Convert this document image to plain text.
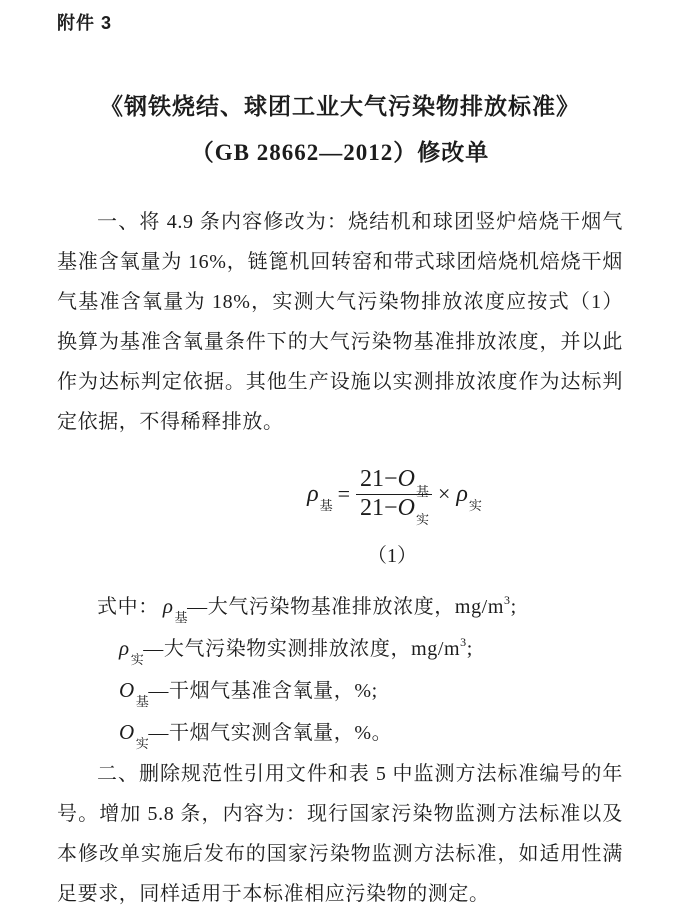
附件 3
《钢铁烧结、球团工业大气污染物排放标准》
（GB 28662—2012）修改单

一、将 4.9 条内容修改为：烧结机和球团竖炉焙烧干烟气基准含氧量为 16%，链篦机回转窑和带式球团焙烧机焙烧干烟气基准含氧量为 18%，实测大气污染物排放浓度应按式（1）换算为基准含氧量条件下的大气污染物基准排放浓度，并以此作为达标判定依据。其他生产设施以实测排放浓度作为达标判定依据，不得稀释排放。

$\rho_基 = \frac{21-O_基}{21-O_实} \times \rho_实$
（1）
式中： $\rho_基—$大气污染物基准排放浓度，$mg/m^3$;
$\rho_实—$大气污染物实测排放浓度，$mg/m^3$;
$O_基—$干烟气基准含氧量，%;
$O_实—$干烟气实测含氧量，%。

二、删除规范性引用文件和表 5 中监测方法标准编号的年号。增加 5.8 条，内容为：现行国家污染物监测方法标准以及本修改单实施后发布的国家污染物监测方法标准，如适用性满足要求，同样适用于本标准相应污染物的测定。
